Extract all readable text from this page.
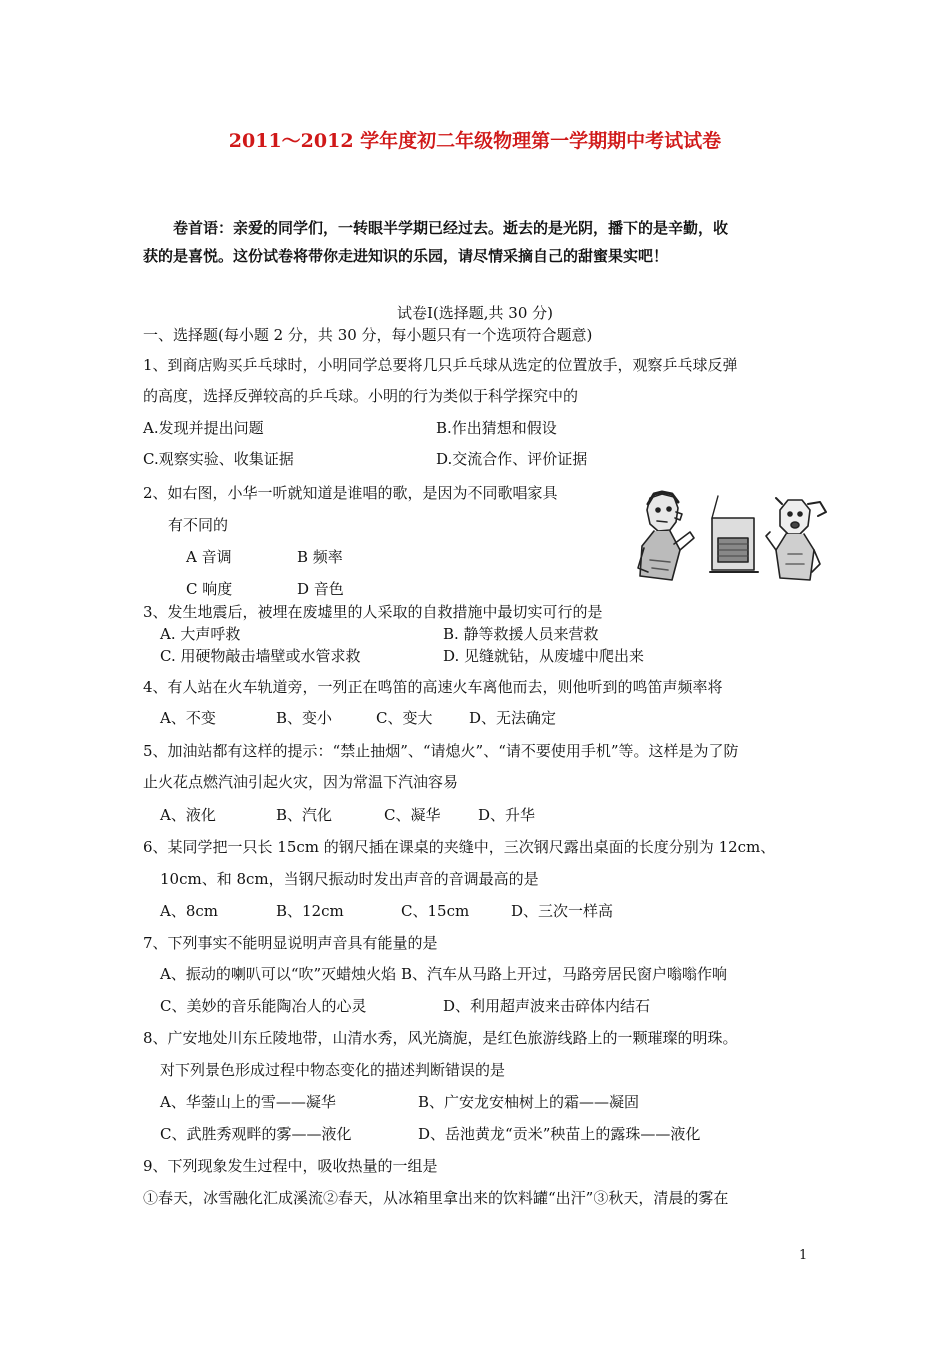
2011～2012 学年度初二年级物理第一学期期中考试试卷
卷首语：亲爱的同学们，一转眼半学期已经过去。逝去的是光阴，播下的是辛勤，收
获的是喜悦。这份试卷将带你走进知识的乐园，请尽情采摘自己的甜蜜果实吧！
试卷Ⅰ(选择题,共 30 分)
一、选择题(每小题 2 分，共 30 分，每小题只有一个选项符合题意)
1、到商店购买乒乓球时，小明同学总要将几只乒乓球从选定的位置放手，观察乒乓球反弹
的高度，选择反弹较高的乒乓球。小明的行为类似于科学探究中的
A.发现并提出问题	B.作出猜想和假设
C.观察实验、收集证据	D.交流合作、评价证据
2、如右图，小华一听就知道是谁唱的歌，是因为不同歌唱家具
有不同的
A 音调	B 频率
C 响度	D 音色
3、发生地震后，被埋在废墟里的人采取的自救措施中最切实可行的是
A. 大声呼救	B. 静等救援人员来营救
C. 用硬物敲击墙壁或水管求救	D. 见缝就钻，从废墟中爬出来
4、有人站在火车轨道旁，一列正在鸣笛的高速火车离他而去，则他听到的鸣笛声频率将
A、不变	B、变小	C、变大 D、无法确定
5、加油站都有这样的提示：“禁止抽烟”、“请熄火”、“请不要使用手机”等。这样是为了防
止火花点燃汽油引起火灾，因为常温下汽油容易
A、液化	B、汽化	C、凝华	D、升华
6、某同学把一只长 15cm 的钢尺插在课桌的夹缝中，三次钢尺露出桌面的长度分别为 12cm、
10cm、和 8cm，当钢尺振动时发出声音的音调最高的是
A、8cm	B、12cm	C、15cm	D、三次一样高
7、下列事实不能明显说明声音具有能量的是
A、振动的喇叭可以“吹”灭蜡烛火焰 B、汽车从马路上开过，马路旁居民窗户嗡嗡作响
C、美妙的音乐能陶冶人的心灵	D、利用超声波来击碎体内结石
8、广安地处川东丘陵地带，山清水秀，风光旖旎，是红色旅游线路上的一颗璀璨的明珠。
对下列景色形成过程中物态变化的描述判断错误的是
A、华蓥山上的雪——凝华	B、广安龙安柚树上的霜——凝固
C、武胜秀观畔的雾——液化	D、岳池黄龙“贡米”秧苗上的露珠——液化
9、下列现象发生过程中，吸收热量的一组是
①春天，冰雪融化汇成溪流②春天，从冰箱里拿出来的饮料罐“出汗”③秋天，清晨的雾在
1
